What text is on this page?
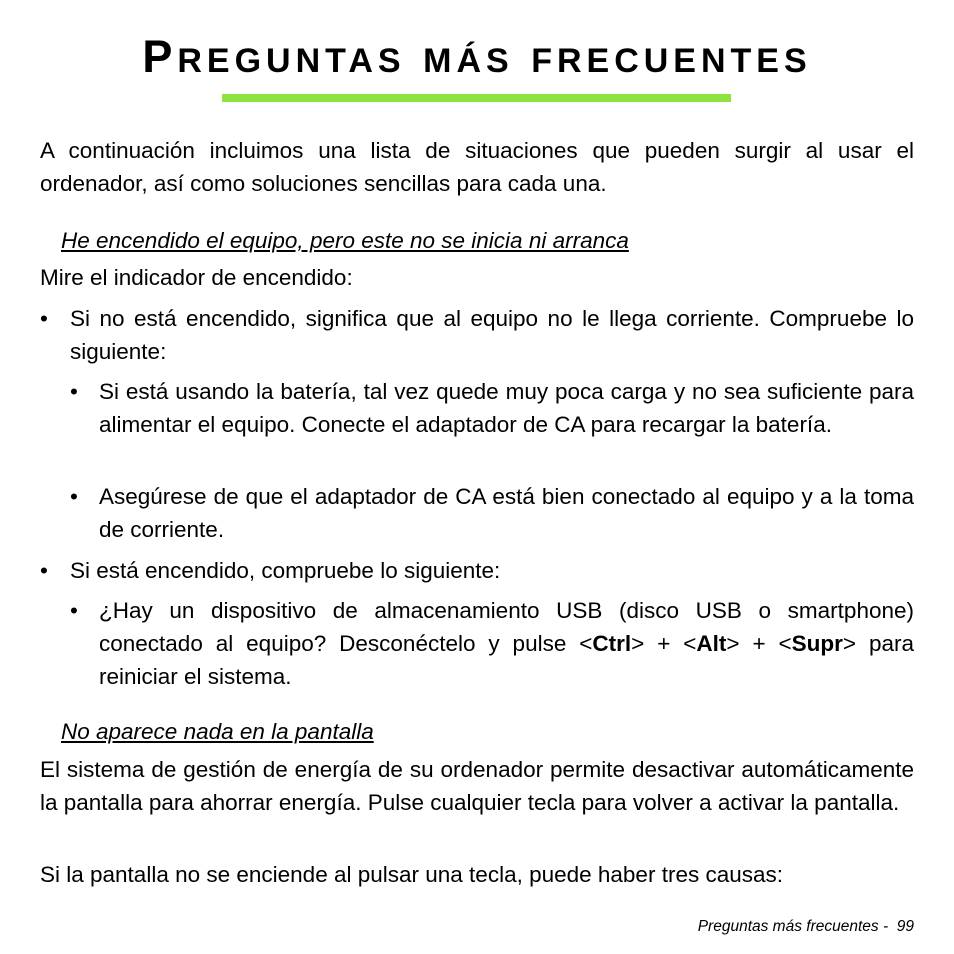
PREGUNTAS MÁS FRECUENTES
A continuación incluimos una lista de situaciones que pueden surgir al usar el ordenador, así como soluciones sencillas para cada una.
He encendido el equipo, pero este no se inicia ni arranca
Mire el indicador de encendido:
• Si no está encendido, significa que al equipo no le llega corriente. Compruebe lo siguiente:
• Si está usando la batería, tal vez quede muy poca carga y no sea suficiente para alimentar el equipo. Conecte el adaptador de CA para recargar la batería.
• Asegúrese de que el adaptador de CA está bien conectado al equipo y a la toma de corriente.
• Si está encendido, compruebe lo siguiente:
• ¿Hay un dispositivo de almacenamiento USB (disco USB o smartphone) conectado al equipo? Desconéctelo y pulse <Ctrl> + <Alt> + <Supr> para reiniciar el sistema.
No aparece nada en la pantalla
El sistema de gestión de energía de su ordenador permite desactivar automáticamente la pantalla para ahorrar energía. Pulse cualquier tecla para volver a activar la pantalla.
Si la pantalla no se enciende al pulsar una tecla, puede haber tres causas:
Preguntas más frecuentes - 99
